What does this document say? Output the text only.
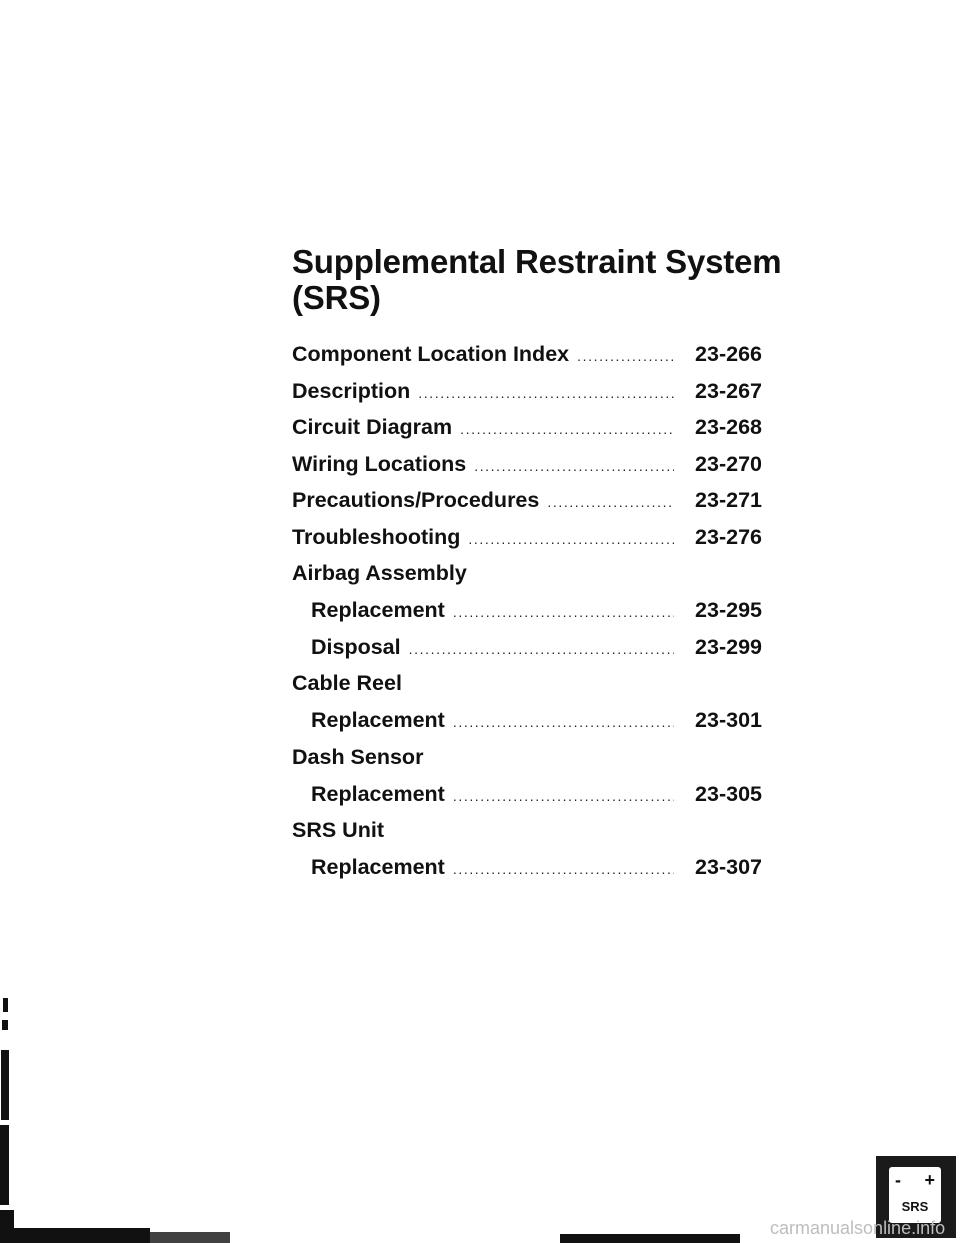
Supplemental Restraint System
(SRS)
Component Location Index .....	23-266
Description .....	23-267
Circuit Diagram .....	23-268
Wiring Locations .....	23-270
Precautions/Procedures .....	23-271
Troubleshooting .....	23-276
Airbag Assembly
Replacement .....	23-295
Disposal .....	23-299
Cable Reel
Replacement .....	23-301
Dash Sensor
Replacement .....	23-305
SRS Unit
Replacement .....	23-307
- +
SRS
carmanualsonline.info
